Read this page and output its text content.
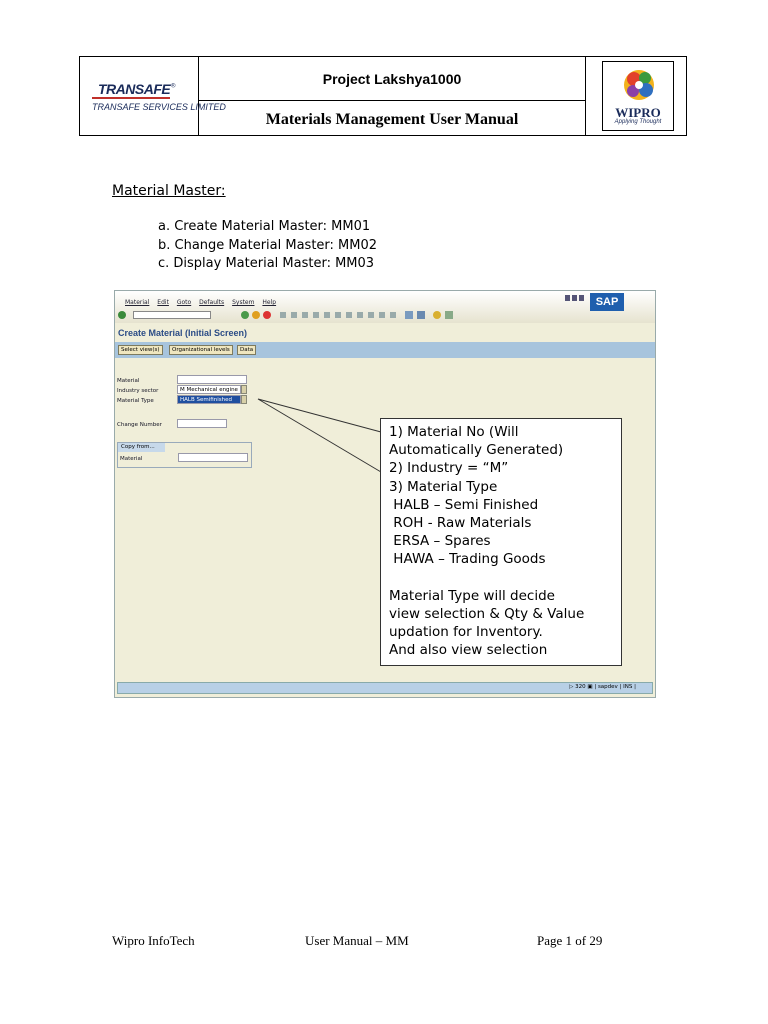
TRANSAFE®
TRANSAFE SERVICES LIMITED
Project Lakshya1000
Materials Management User Manual	WIPRO
Applying Thought
Material Master:
a. Create Material Master: MM01
b. Change Material Master: MM02
c. Display Material Master: MM03
Material Edit Goto Defaults System Help	SAP
Create Material (Initial Screen)
Select view(s)	Organizational levels	Data
Material
Industry sector	M Mechanical engine
Material Type	HALB Semifinished
Change Number
Copy from...
Material
▷ 320 ▣ | sapdev | INS |
1) Material No (Will
Automatically Generated)
2) Industry = “M”
3) Material Type
HALB – Semi Finished
ROH - Raw Materials
ERSA – Spares
HAWA – Trading Goods
Material Type will decide
view selection & Qty & Value
updation for Inventory.
And also view selection
Wipro InfoTech	User Manual – MM	Page 1 of 29
